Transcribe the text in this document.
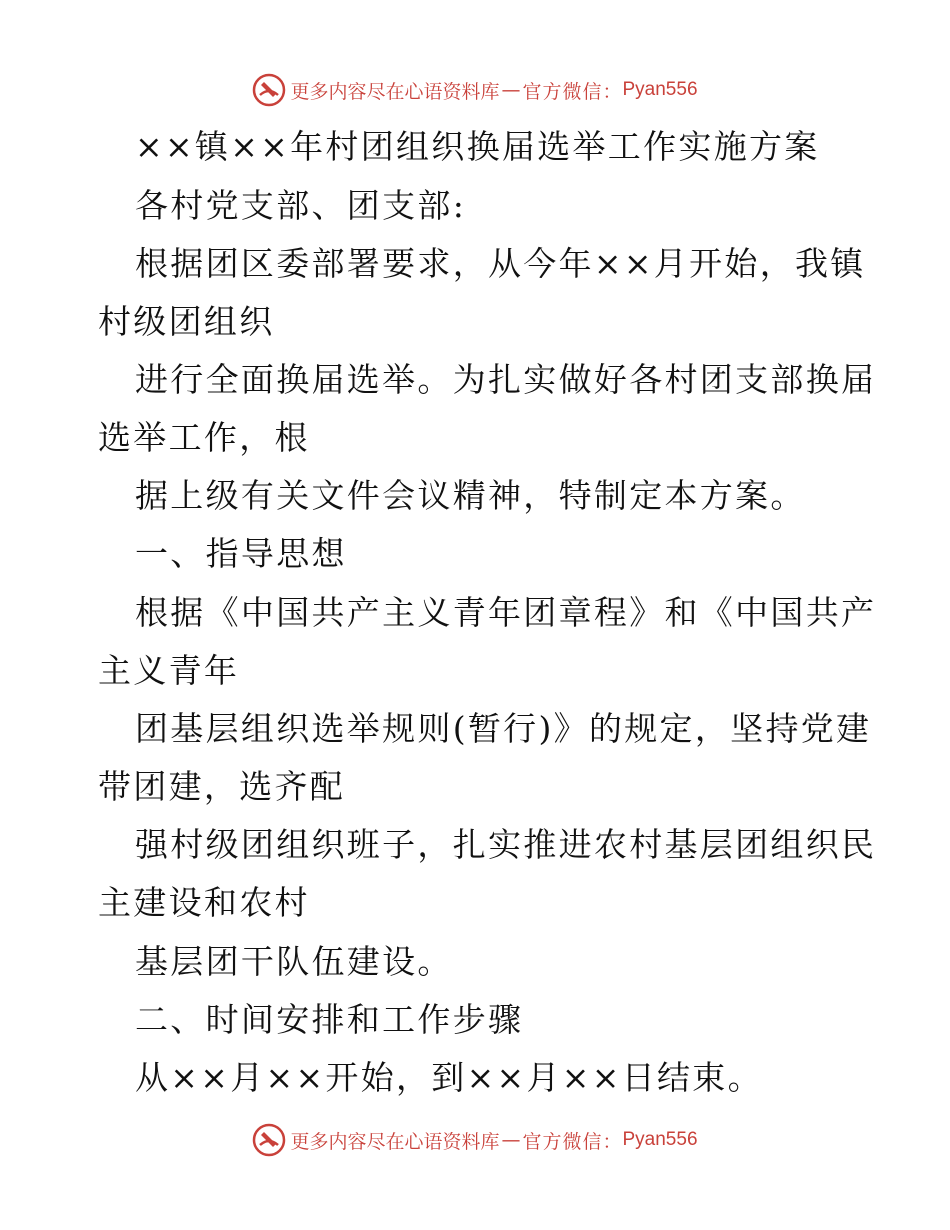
更多内容尽在心语资料库 — 官方微信： Pyan556
××镇××年村团组织换届选举工作实施方案
各村党支部、团支部:
根据团区委部署要求，从今年××月开始，我镇
村级团组织
进行全面换届选举。为扎实做好各村团支部换届
选举工作，根
据上级有关文件会议精神，特制定本方案。
一、指导思想
根据《中国共产主义青年团章程》和《中国共产
主义青年
团基层组织选举规则(暂行)》的规定，坚持党建
带团建，选齐配
强村级团组织班子，扎实推进农村基层团组织民
主建设和农村
基层团干队伍建设。
二、时间安排和工作步骤
从××月××开始，到××月××日结束。
更多内容尽在心语资料库 — 官方微信： Pyan556
